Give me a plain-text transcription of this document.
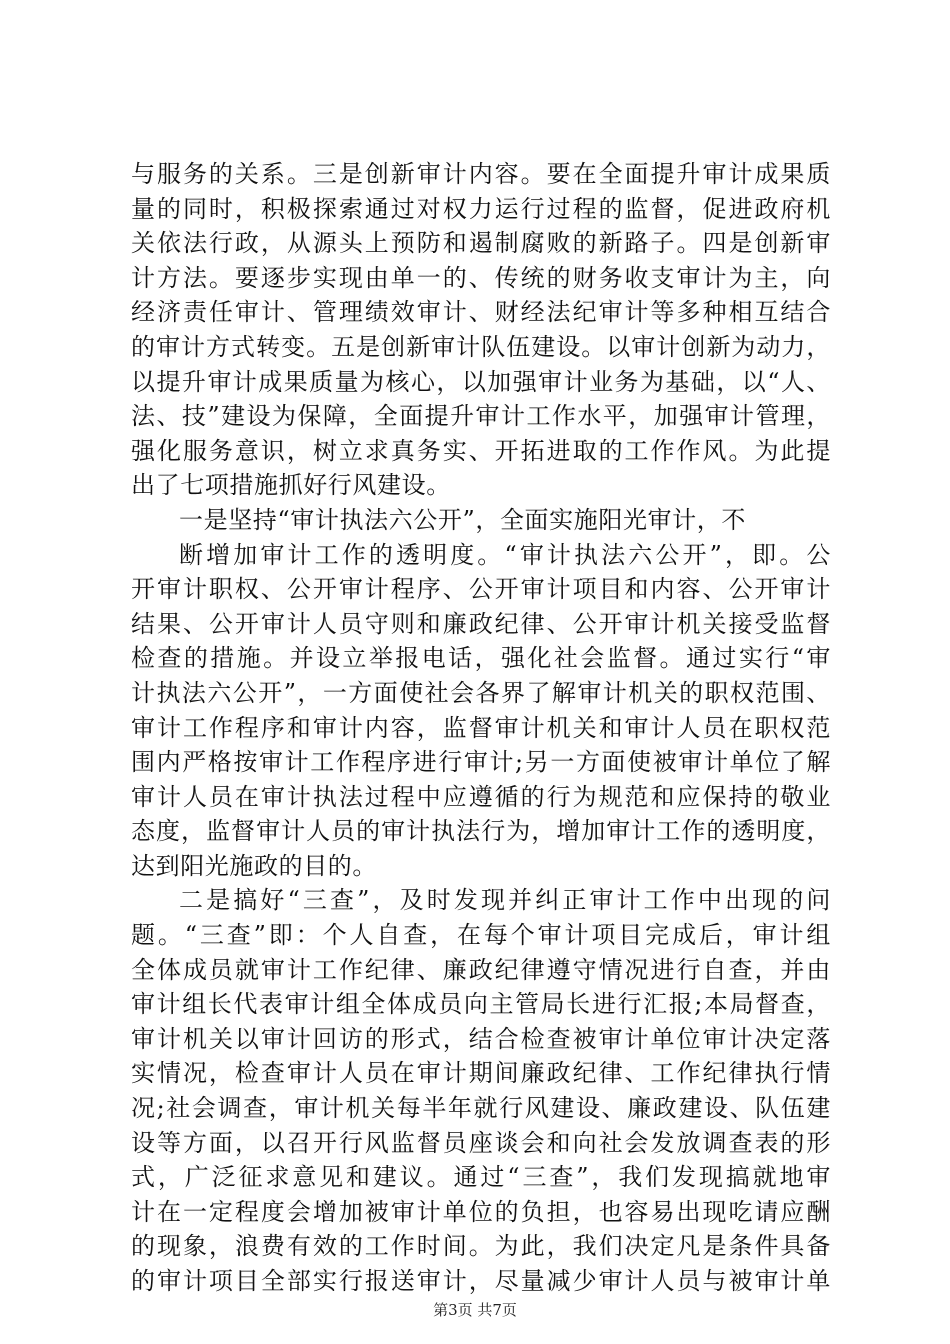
与服务的关系。三是创新审计内容。要在全面提升审计成果质
量的同时，积极探索通过对权力运行过程的监督，促进政府机
关依法行政，从源头上预防和遏制腐败的新路子。四是创新审
计方法。要逐步实现由单一的、传统的财务收支审计为主，向
经济责任审计、管理绩效审计、财经法纪审计等多种相互结合
的审计方式转变。五是创新审计队伍建设。以审计创新为动力，
以提升审计成果质量为核心，以加强审计业务为基础，以“人、
法、技”建设为保障，全面提升审计工作水平，加强审计管理，
强化服务意识，树立求真务实、开拓进取的工作作风。为此提
出了七项措施抓好行风建设。
一是坚持“审计执法六公开”，全面实施阳光审计，不
断增加审计工作的透明度。“审计执法六公开”，即。公
开审计职权、公开审计程序、公开审计项目和内容、公开审计
结果、公开审计人员守则和廉政纪律、公开审计机关接受监督
检查的措施。并设立举报电话，强化社会监督。通过实行“审
计执法六公开”，一方面使社会各界了解审计机关的职权范围、
审计工作程序和审计内容，监督审计机关和审计人员在职权范
围内严格按审计工作程序进行审计;另一方面使被审计单位了解
审计人员在审计执法过程中应遵循的行为规范和应保持的敬业
态度，监督审计人员的审计执法行为，增加审计工作的透明度，
达到阳光施政的目的。
二是搞好“三查”，及时发现并纠正审计工作中出现的问
题。“三查”即：个人自查，在每个审计项目完成后，审计组
全体成员就审计工作纪律、廉政纪律遵守情况进行自查，并由
审计组长代表审计组全体成员向主管局长进行汇报;本局督查，
审计机关以审计回访的形式，结合检查被审计单位审计决定落
实情况，检查审计人员在审计期间廉政纪律、工作纪律执行情
况;社会调查，审计机关每半年就行风建设、廉政建设、队伍建
设等方面，以召开行风监督员座谈会和向社会发放调查表的形
式，广泛征求意见和建议。通过“三查”，我们发现搞就地审
计在一定程度会增加被审计单位的负担，也容易出现吃请应酬
的现象，浪费有效的工作时间。为此，我们决定凡是条件具备
的审计项目全部实行报送审计，尽量减少审计人员与被审计单
第3页 共7页
